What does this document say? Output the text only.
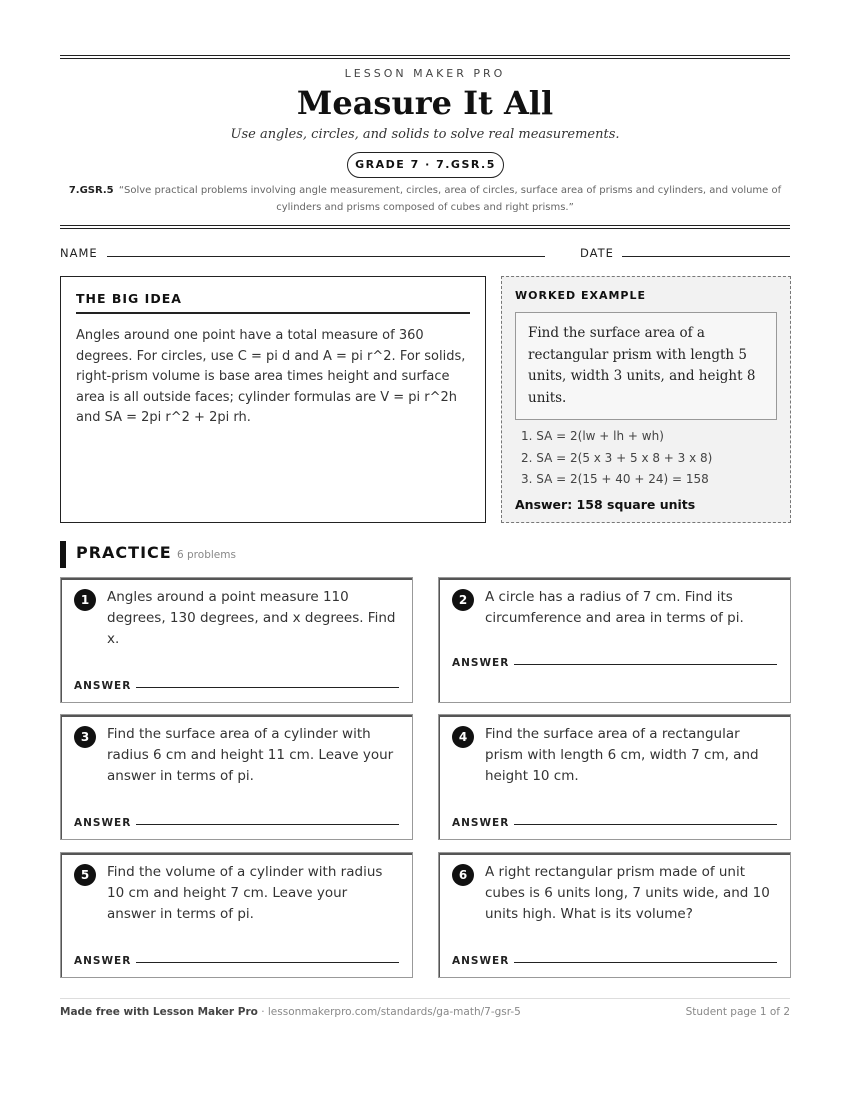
LESSON MAKER PRO
Measure It All
Use angles, circles, and solids to solve real measurements.
GRADE 7 · 7.GSR.5
7.GSR.5 “Solve practical problems involving angle measurement, circles, area of circles, surface area of prisms and cylinders, and volume of cylinders and prisms composed of cubes and right prisms.”
NAME	DATE
THE BIG IDEA
Angles around one point have a total measure of 360 degrees. For circles, use C = pi d and A = pi r^2. For solids, right-prism volume is base area times height and surface area is all outside faces; cylinder formulas are V = pi r^2h and SA = 2pi r^2 + 2pi rh.
WORKED EXAMPLE
Find the surface area of a rectangular prism with length 5 units, width 3 units, and height 8 units.
1. SA = 2(lw + lh + wh)
2. SA = 2(5 x 3 + 5 x 8 + 3 x 8)
3. SA = 2(15 + 40 + 24) = 158
Answer: 158 square units
PRACTICE 6 problems
1	Angles around a point measure 110 degrees, 130 degrees, and x degrees. Find x.
ANSWER
2	A circle has a radius of 7 cm. Find its circumference and area in terms of pi.
ANSWER
3	Find the surface area of a cylinder with radius 6 cm and height 11 cm. Leave your answer in terms of pi.
ANSWER
4	Find the surface area of a rectangular prism with length 6 cm, width 7 cm, and height 10 cm.
ANSWER
5	Find the volume of a cylinder with radius 10 cm and height 7 cm. Leave your answer in terms of pi.
ANSWER
6	A right rectangular prism made of unit cubes is 6 units long, 7 units wide, and 10 units high. What is its volume?
ANSWER
Made free with Lesson Maker Pro · lessonmakerpro.com/standards/ga-math/7-gsr-5	Student page 1 of 2
